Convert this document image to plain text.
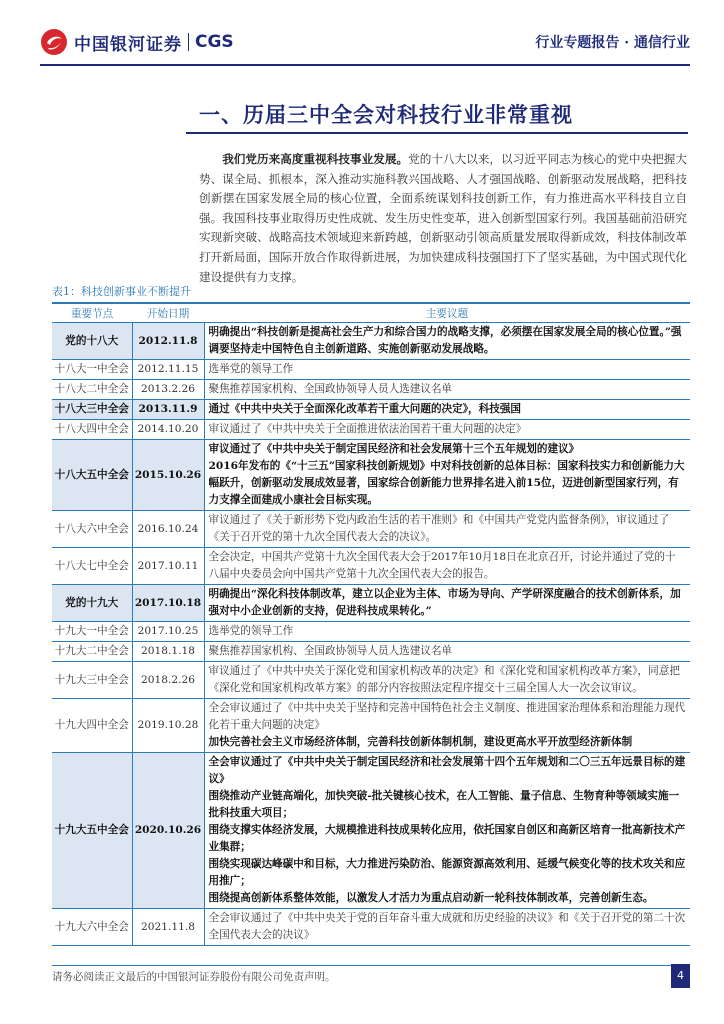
中国银河证券 CGS	行业专题报告 · 通信行业
一、历届三中全会对科技行业非常重视

我们党历来高度重视科技事业发展。党的十八大以来，以习近平同志为核心的党中央把握大势、谋全局、抓根本，深入推动实施科教兴国战略、人才强国战略、创新驱动发展战略，把科技创新摆在国家发展全局的核心位置，全面系统谋划科技创新工作，有力推进高水平科技自立自强。我国科技事业取得历史性成就、发生历史性变革，进入创新型国家行列。我国基础前沿研究实现新突破、战略高技术领域迎来新跨越，创新驱动引领高质量发展取得新成效，科技体制改革打开新局面，国际开放合作取得新进展，为加快建成科技强国打下了坚实基础，为中国式现代化建设提供有力支撑。

表1：科技创新事业不断提升
重要节点	开始日期	主要议题
党的十八大	2012.11.8	明确提出“科技创新是提高社会生产力和综合国力的战略支撑，必须摆在国家发展全局的核心位置。”强调要坚持走中国特色自主创新道路、实施创新驱动发展战略。

十八大一中全会	2012.11.15	选举党的领导工作

十八大二中全会	2013.2.26	聚焦推荐国家机构、全国政协领导人员人选建议名单

十八大三中全会	2013.11.9	通过《中共中央关于全面深化改革若干重大问题的决定》，科技强国

十八大四中全会	2014.10.20	审议通过了《中共中央关于全面推进依法治国若干重大问题的决定》

十八大五中全会	2015.10.26	审议通过了《中共中央关于制定国民经济和社会发展第十三个五年规划的建议》
2016年发布的《“十三五”国家科技创新规划》中对科技创新的总体目标：国家科技实力和创新能力大幅跃升，创新驱动发展成效显著，国家综合创新能力世界排名进入前15位，迈进创新型国家行列，有力支撑全面建成小康社会目标实现。

十八大六中全会	2016.10.24	审议通过了《关于新形势下党内政治生活的若干准则》和《中国共产党党内监督条例》，审议通过了《关于召开党的第十九次全国代表大会的决议》。

十八大七中全会	2017.10.11	全会决定，中国共产党第十九次全国代表大会于2017年10月18日在北京召开，讨论并通过了党的十八届中央委员会向中国共产党第十九次全国代表大会的报告。

党的十九大	2017.10.18	明确提出“深化科技体制改革，建立以企业为主体、市场为导向、产学研深度融合的技术创新体系，加强对中小企业创新的支持，促进科技成果转化。”

十九大一中全会	2017.10.25	选举党的领导工作

十九大二中全会	2018.1.18	聚焦推荐国家机构、全国政协领导人员人选建议名单

十九大三中全会	2018.2.26	审议通过了《中共中央关于深化党和国家机构改革的决定》和《深化党和国家机构改革方案》，同意把《深化党和国家机构改革方案》的部分内容按照法定程序提交十三届全国人大一次会议审议。

十九大四中全会	2019.10.28	全会审议通过了《中共中央关于坚持和完善中国特色社会主义制度、推进国家治理体系和治理能力现代化若干重大问题的决定》
加快完善社会主义市场经济体制，完善科技创新体制机制，建设更高水平开放型经济新体制

十九大五中全会	2020.10.26	全会审议通过了《中共中央关于制定国民经济和社会发展第十四个五年规划和二〇三五年远景目标的建议》
围绕推动产业链高端化，加快突破-批关键核心技术，在人工智能、量子信息、生物育种等领域实施一批科技重大项目；
围绕支撑实体经济发展，大规模推进科技成果转化应用，依托国家自创区和高新区培育一批高新技术产业集群；
围绕实现碳达峰碳中和目标，大力推进污染防治、能源资源高效利用、延缓气候变化等的技术攻关和应用推广；
围绕提高创新体系整体效能，以激发人才活力为重点启动新一轮科技体制改革，完善创新生态。

十九大六中全会	2021.11.8	全会审议通过了《中共中央关于党的百年奋斗重大成就和历史经验的决议》和《关于召开党的第二十次全国代表大会的决议》
请务必阅读正文最后的中国银河证券股份有限公司免责声明。	4
